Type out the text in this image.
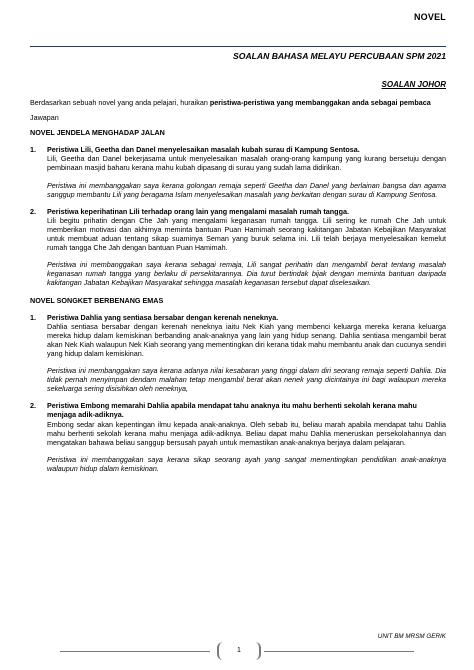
NOVEL
SOALAN BAHASA MELAYU PERCUBAAN SPM 2021
SOALAN JOHOR

Berdasarkan sebuah novel yang anda pelajari, huraikan peristiwa-peristiwa yang membanggakan anda sebagai pembaca

Jawapan

NOVEL JENDELA MENGHADAP JALAN

1. Peristiwa Lili, Geetha dan Danel menyelesaikan masalah kubah surau di Kampung Sentosa.

Lili, Geetha dan Danel bekerjasama untuk menyelesaikan masalah orang-orang kampung yang kurang bersetuju dengan pembinaan masjid baharu kerana mahu kubah dipasang di surau yang sudah lama didirikan.

Peristiwa ini membanggakan saya kerana golongan remaja seperti Geetha dan Danel yang berlainan bangsa dan agama sanggup membantu Lili yang beragama Islam menyelesaikan masalah yang berkaitan dengan surau di Kampung Sentosa.

2. Peristiwa keperihatinan Lili terhadap orang lain yang mengalami masalah rumah tangga.

Lili begitu prihatin dengan Che Jah yang mengalami keganasan rumah tangga. Lili sering ke rumah Che Jah untuk memberikan motivasi dan akhirnya meminta bantuan Puan Hamimah seorang kakitangan Jabatan Kebajikan Masyarakat untuk membuat aduan tentang sikap suaminya Seman yang buruk selama ini. Lili telah berjaya menyelesaikan kemelut rumah tangga Che Jah dengan bantuan Puan Hamimah.

Peristiwa ini membanggakan saya kerana sebagai remaja, Lili sangat perihatin dan mengambil berat tentang masalah keganasan rumah tangga yang berlaku di persekitarannya. Dia turut bertindak bijak dengan meminta bantuan daripada kakitangan Jabatan Kebajikan Masyarakat sehingga masalah keganasan tersebut dapat diselesaikan.

NOVEL SONGKET BERBENANG EMAS

1. Peristiwa Dahlia yang sentiasa bersabar dengan kerenah neneknya.

Dahlia sentiasa bersabar dengan kerenah neneknya iaitu Nek Kiah yang membenci keluarga mereka kerana keluarga mereka hidup dalam kemiskinan berbanding anak-anaknya yang lain yang hidup senang. Dahlia sentiasa mengambil berat akan Nek Kiah walaupun Nek Kiah seorang yang mementingkan diri kerana tidak mahu membantu anak dan cucunya sendiri yang hidup dalam kemiskinan.

Peristiwa ini membanggakan saya kerana adanya nilai kesabaran yang tinggi dalam diri seorang remaja seperti Dahlia. Dia tidak pernah menyimpan dendam malahan tetap mengambil berat akan nenek yang dicintainya ini bagi walaupun mereka sekeluarga sering disisihkan oleh neneknya,

2. Peristiwa Embong memarahi Dahlia apabila mendapat tahu anaknya itu mahu berhenti sekolah kerana mahu menjaga adik-adiknya.

Embong sedar akan kepentingan ilmu kepada anak-anaknya. Oleh sebab itu, beliau marah apabila mendapat tahu Dahlia mahu berhenti sekolah kerana mahu menjaga adik-adiknya. Beliau dapat mahu Dahlia meneruskan persekolahannya dan mengatakan bahawa beliau sanggup bersusah payah untuk memastikan anak-anaknya berjaya dalam pelajaran.

Peristiwa ini membanggakan saya kerana sikap seorang ayah yang sangat mementingkan pendidikan anak-anaknya walaupun hidup dalam kemiskinan.

UNIT BM MRSM GERIK
1
